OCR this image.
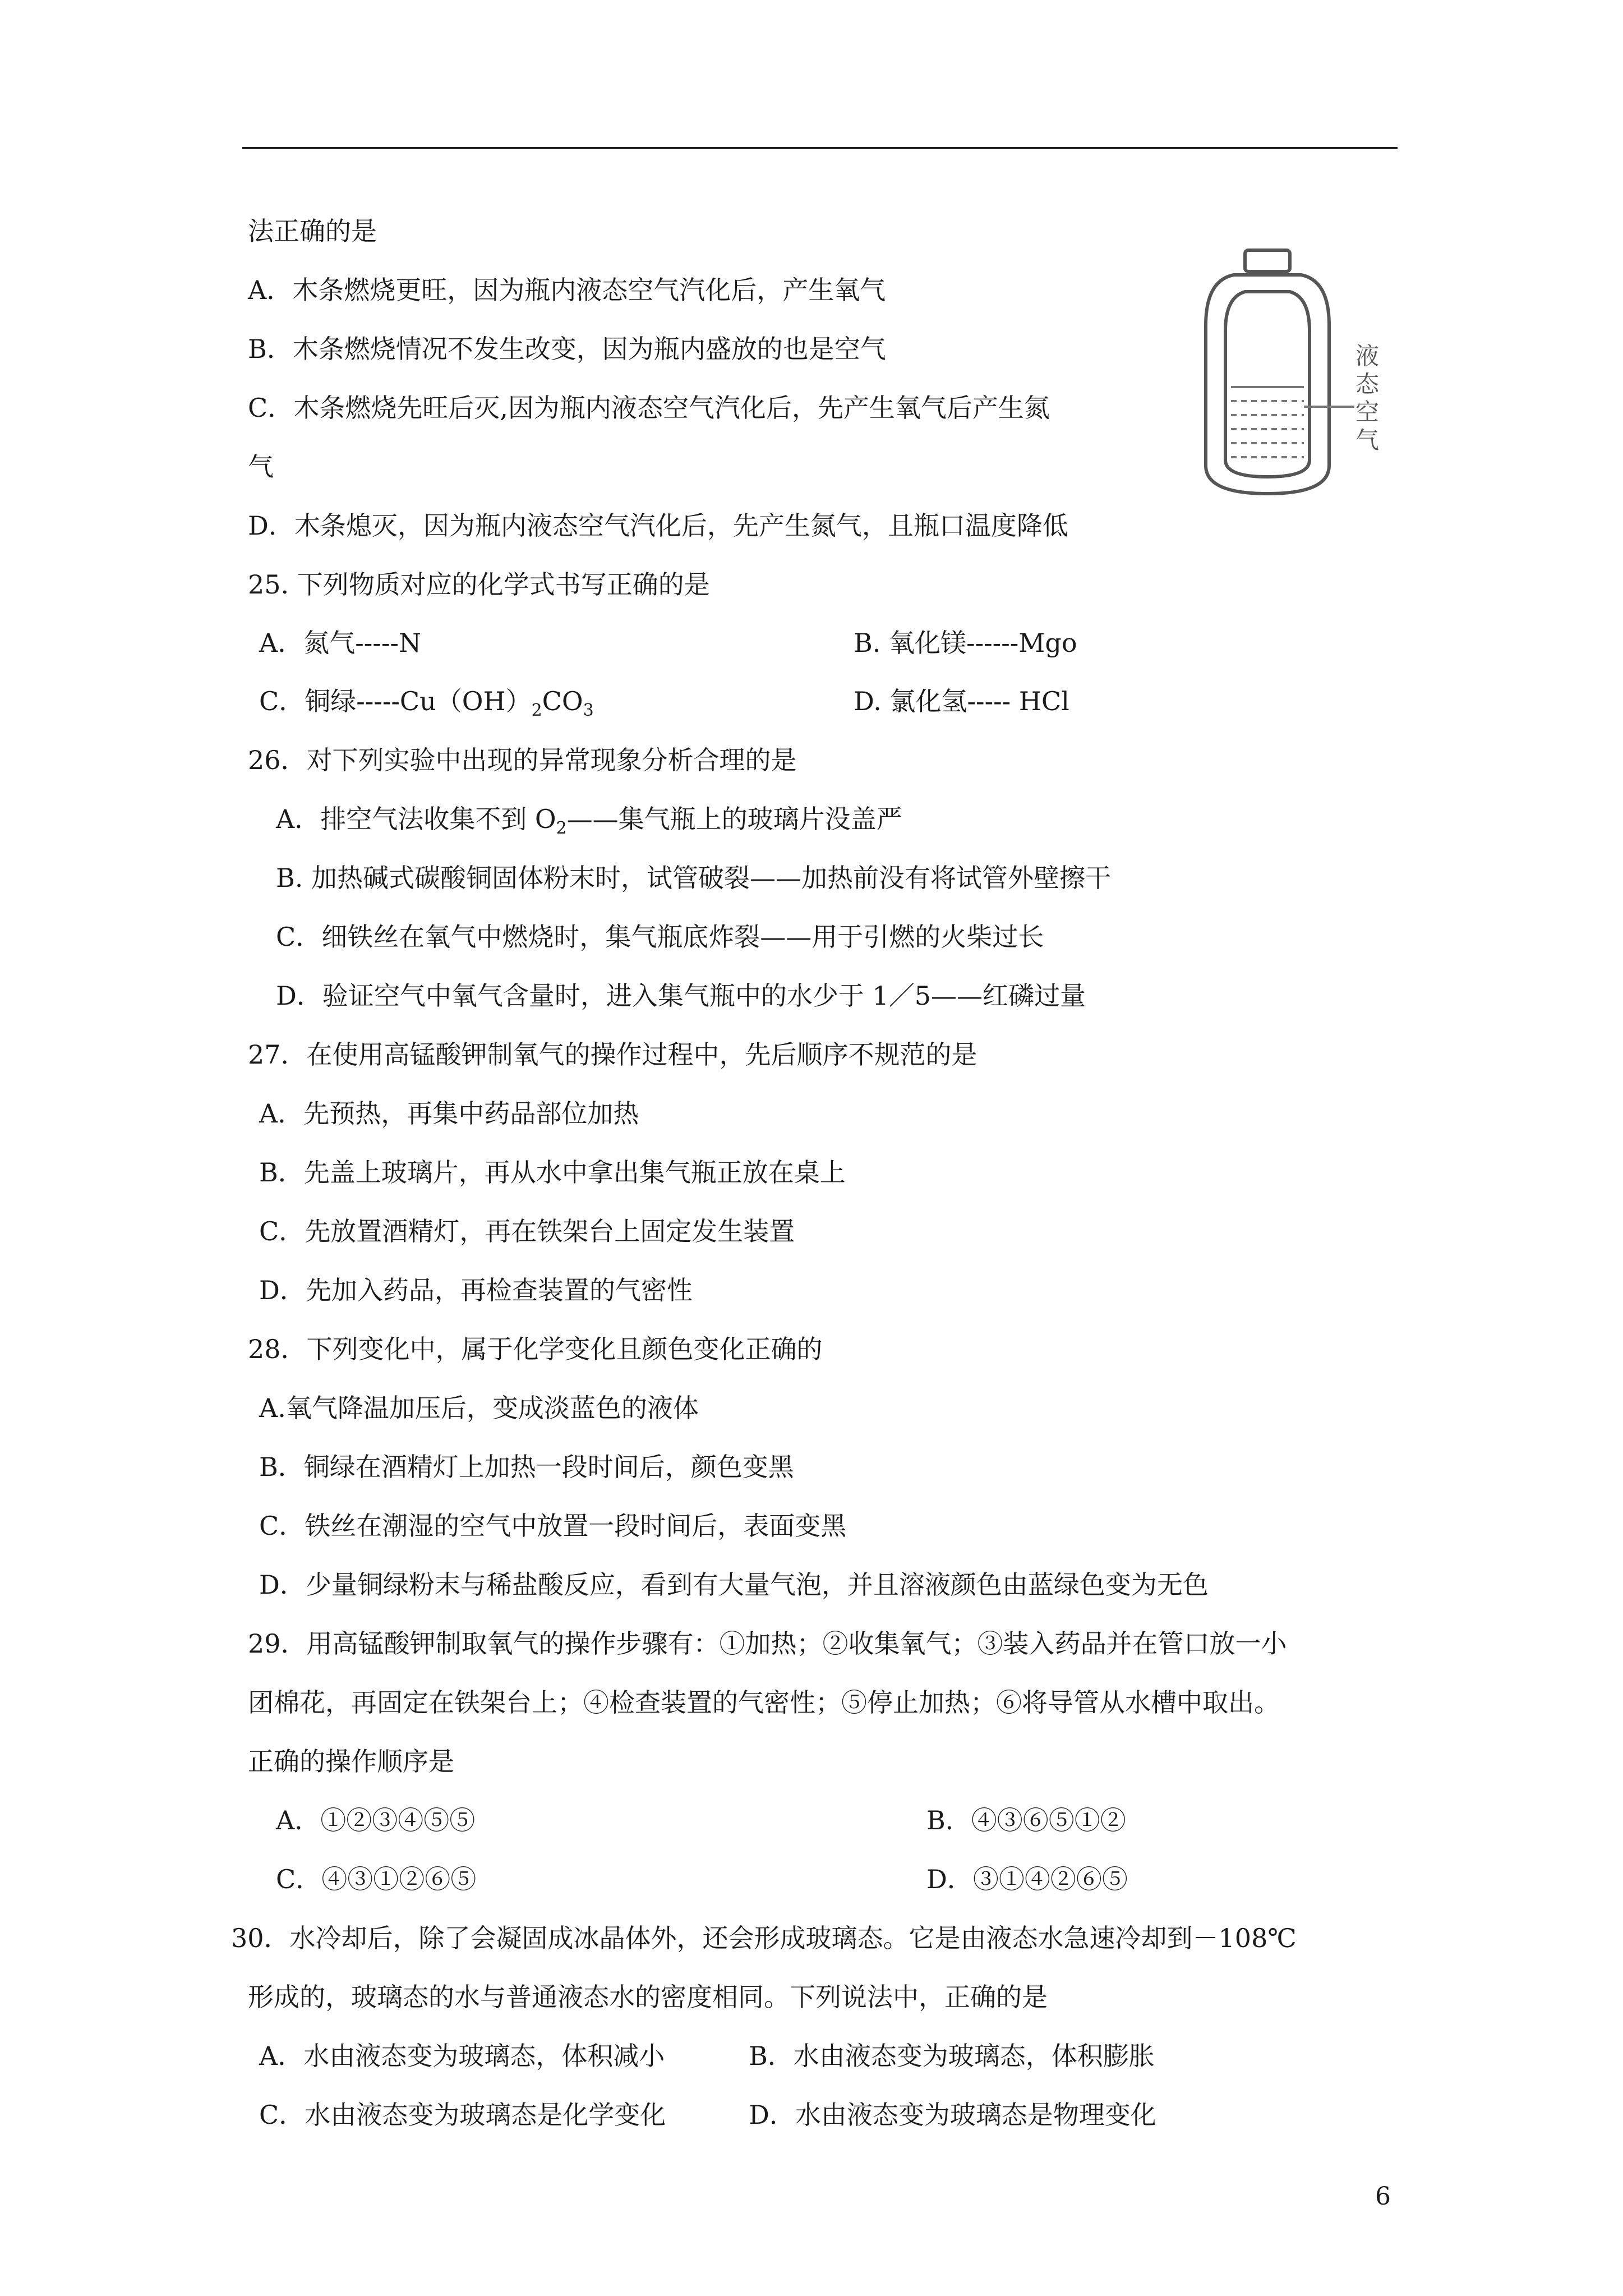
法正确的是
A．木条燃烧更旺，因为瓶内液态空气汽化后，产生氧气
B．木条燃烧情况不发生改变，因为瓶内盛放的也是空气
C．木条燃烧先旺后灭,因为瓶内液态空气汽化后，先产生氧气后产生氮
气
D．木条熄灭，因为瓶内液态空气汽化后，先产生氮气，且瓶口温度降低
液态空气
25. 下列物质对应的化学式书写正确的是
A．氮气-----N	B. 氧化镁------Mgo
C．铜绿$-----Cu(OH)_2CO_3$	D. 氯化氢----- HCl
26．对下列实验中出现的异常现象分析合理的是
A．排空气法收集不到 $O_2——$集气瓶上的玻璃片没盖严
B. 加热碱式碳酸铜固体粉末时，试管破裂——加热前没有将试管外壁擦干
C．细铁丝在氧气中燃烧时，集气瓶底炸裂——用于引燃的火柴过长
D．验证空气中氧气含量时，进入集气瓶中的水少于 1／5——红磷过量
27．在使用高锰酸钾制氧气的操作过程中，先后顺序不规范的是
A．先预热，再集中药品部位加热
B．先盖上玻璃片，再从水中拿出集气瓶正放在桌上
C．先放置酒精灯，再在铁架台上固定发生装置
D．先加入药品，再检查装置的气密性
28．下列变化中，属于化学变化且颜色变化正确的
A.氧气降温加压后，变成淡蓝色的液体
B．铜绿在酒精灯上加热一段时间后，颜色变黑
C．铁丝在潮湿的空气中放置一段时间后，表面变黑
D．少量铜绿粉末与稀盐酸反应，看到有大量气泡，并且溶液颜色由蓝绿色变为无色
29．用高锰酸钾制取氧气的操作步骤有：①加热；②收集氧气；③装入药品并在管口放一小
团棉花，再固定在铁架台上；④检查装置的气密性；⑤停止加热；⑥将导管从水槽中取出。
正确的操作顺序是
A．①②③④⑤⑤	B．④③⑥⑤①②
C．④③①②⑥⑤	D．③①④②⑥⑤
30．水冷却后，除了会凝固成冰晶体外，还会形成玻璃态。它是由液态水急速冷却到－108℃
形成的，玻璃态的水与普通液态水的密度相同。下列说法中，正确的是
A．水由液态变为玻璃态，体积减小	B．水由液态变为玻璃态，体积膨胀
C．水由液态变为玻璃态是化学变化	D．水由液态变为玻璃态是物理变化
6
